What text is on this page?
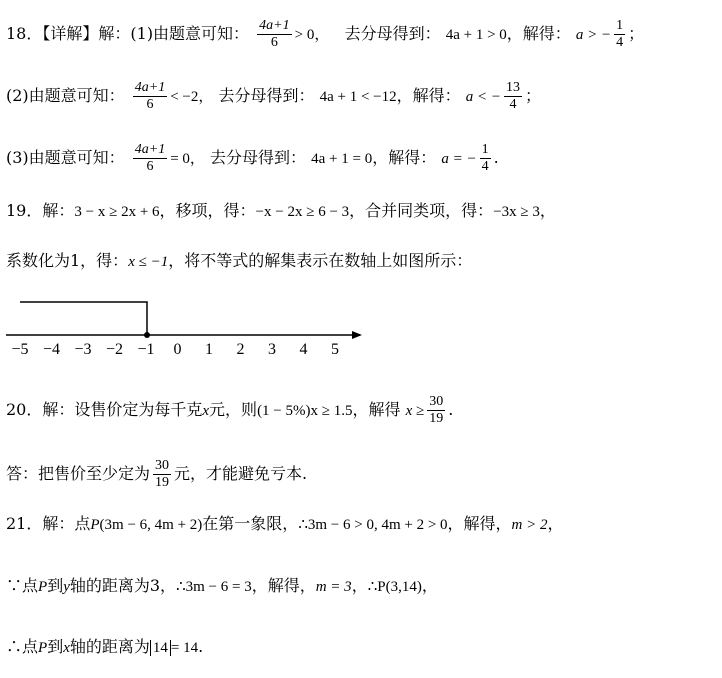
18．【详解】解：(1)由题意可知： $\frac{4a+1}{6} > 0$， 去分母得到： 4a + 1 > 0，解得： a > − $\frac{1}{4}$ ；
(2)由题意可知： $\frac{4a+1}{6} < -2$， 去分母得到： 4a + 1 < −12，解得： a < − $\frac{13}{4}$ ；
(3)由题意可知： $\frac{4a+1}{6} = 0$， 去分母得到： 4a + 1 = 0，解得： a = − $\frac{1}{4}$ .
19．解：3 − x ≥ 2x + 6，移项，得：−x − 2x ≥ 6 − 3，合并同类项，得：−3x ≥ 3，
系数化为1，得：x ≤ −1，将不等式的解集表示在数轴上如图所示：
−5 −4 −3 −2 −1 0 1 2 3 4 5
20．解：设售价定为每千克x元，则(1 − 5%)x ≥ 1.5，解得 $x \ge \frac{30}{19}$ .
答：把售价至少定为 $\frac{30}{19}$ 元，才能避免亏本.
21．解：点P(3m − 6, 4m + 2)在第一象限，∴3m − 6 > 0, 4m + 2 > 0，解得，m > 2，
∵点P到y轴的距离为3，∴3m − 6 = 3，解得，m = 3，∴P(3,14)，
∴点P到x轴的距离为 14 = 14.
